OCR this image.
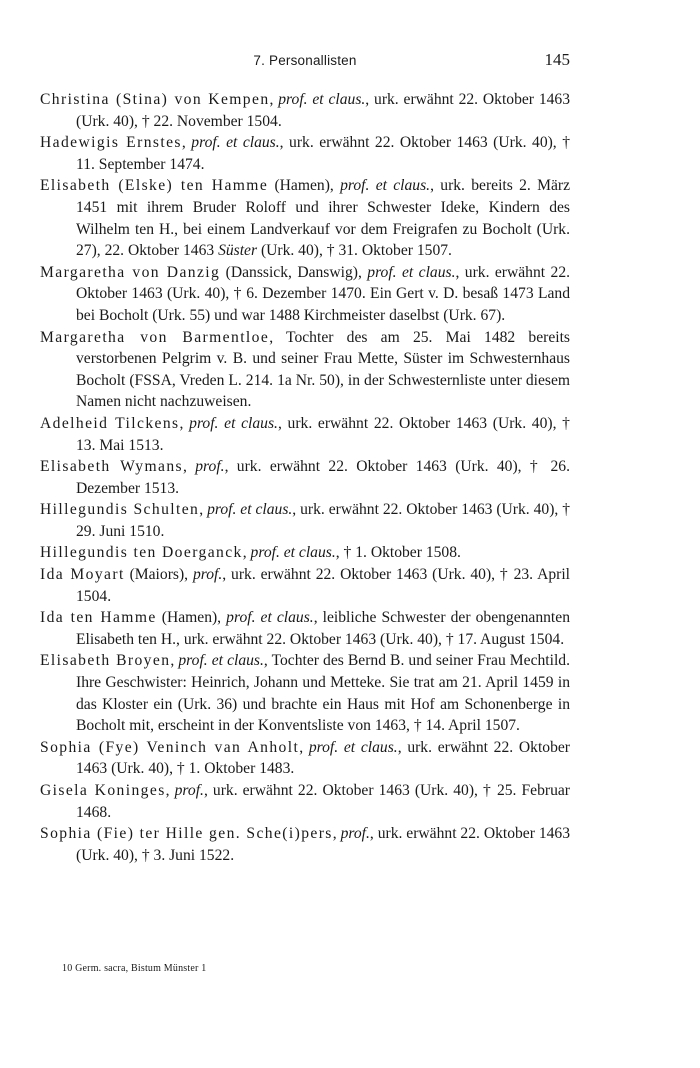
7. Personallisten	145

Christina (Stina) von Kempen, prof. et claus., urk. erwähnt 22. Oktober 1463 (Urk. 40), † 22. November 1504.

Hadewigis Ernstes, prof. et claus., urk. erwähnt 22. Oktober 1463 (Urk. 40), † 11. September 1474.

Elisabeth (Elske) ten Hamme (Hamen), prof. et claus., urk. bereits 2. März 1451 mit ihrem Bruder Roloff und ihrer Schwester Ideke, Kindern des Wilhelm ten H., bei einem Landverkauf vor dem Freigrafen zu Bocholt (Urk. 27), 22. Oktober 1463 Süster (Urk. 40), † 31. Oktober 1507.

Margaretha von Danzig (Danssick, Danswig), prof. et claus., urk. erwähnt 22. Oktober 1463 (Urk. 40), † 6. Dezember 1470. Ein Gert v. D. besaß 1473 Land bei Bocholt (Urk. 55) und war 1488 Kirchmeister daselbst (Urk. 67).

Margaretha von Barmentloe, Tochter des am 25. Mai 1482 bereits verstorbenen Pelgrim v. B. und seiner Frau Mette, Süster im Schwesternhaus Bocholt (FSSA, Vreden L. 214. 1a Nr. 50), in der Schwesternliste unter diesem Namen nicht nachzuweisen.

Adelheid Tilckens, prof. et claus., urk. erwähnt 22. Oktober 1463 (Urk. 40), † 13. Mai 1513.

Elisabeth Wymans, prof., urk. erwähnt 22. Oktober 1463 (Urk. 40), † 26. Dezember 1513.

Hillegundis Schulten, prof. et claus., urk. erwähnt 22. Oktober 1463 (Urk. 40), † 29. Juni 1510.

Hillegundis ten Doerganck, prof. et claus., † 1. Oktober 1508.

Ida Moyart (Maiors), prof., urk. erwähnt 22. Oktober 1463 (Urk. 40), † 23. April 1504.

Ida ten Hamme (Hamen), prof. et claus., leibliche Schwester der obengenannten Elisabeth ten H., urk. erwähnt 22. Oktober 1463 (Urk. 40), † 17. August 1504.

Elisabeth Broyen, prof. et claus., Tochter des Bernd B. und seiner Frau Mechtild. Ihre Geschwister: Heinrich, Johann und Metteke. Sie trat am 21. April 1459 in das Kloster ein (Urk. 36) und brachte ein Haus mit Hof am Schonenberge in Bocholt mit, erscheint in der Konventsliste von 1463, † 14. April 1507.

Sophia (Fye) Veninch van Anholt, prof. et claus., urk. erwähnt 22. Oktober 1463 (Urk. 40), † 1. Oktober 1483.

Gisela Koninges, prof., urk. erwähnt 22. Oktober 1463 (Urk. 40), † 25. Februar 1468.

Sophia (Fie) ter Hille gen. Sche(i)pers, prof., urk. erwähnt 22. Oktober 1463 (Urk. 40), † 3. Juni 1522.

10 Germ. sacra, Bistum Münster 1
